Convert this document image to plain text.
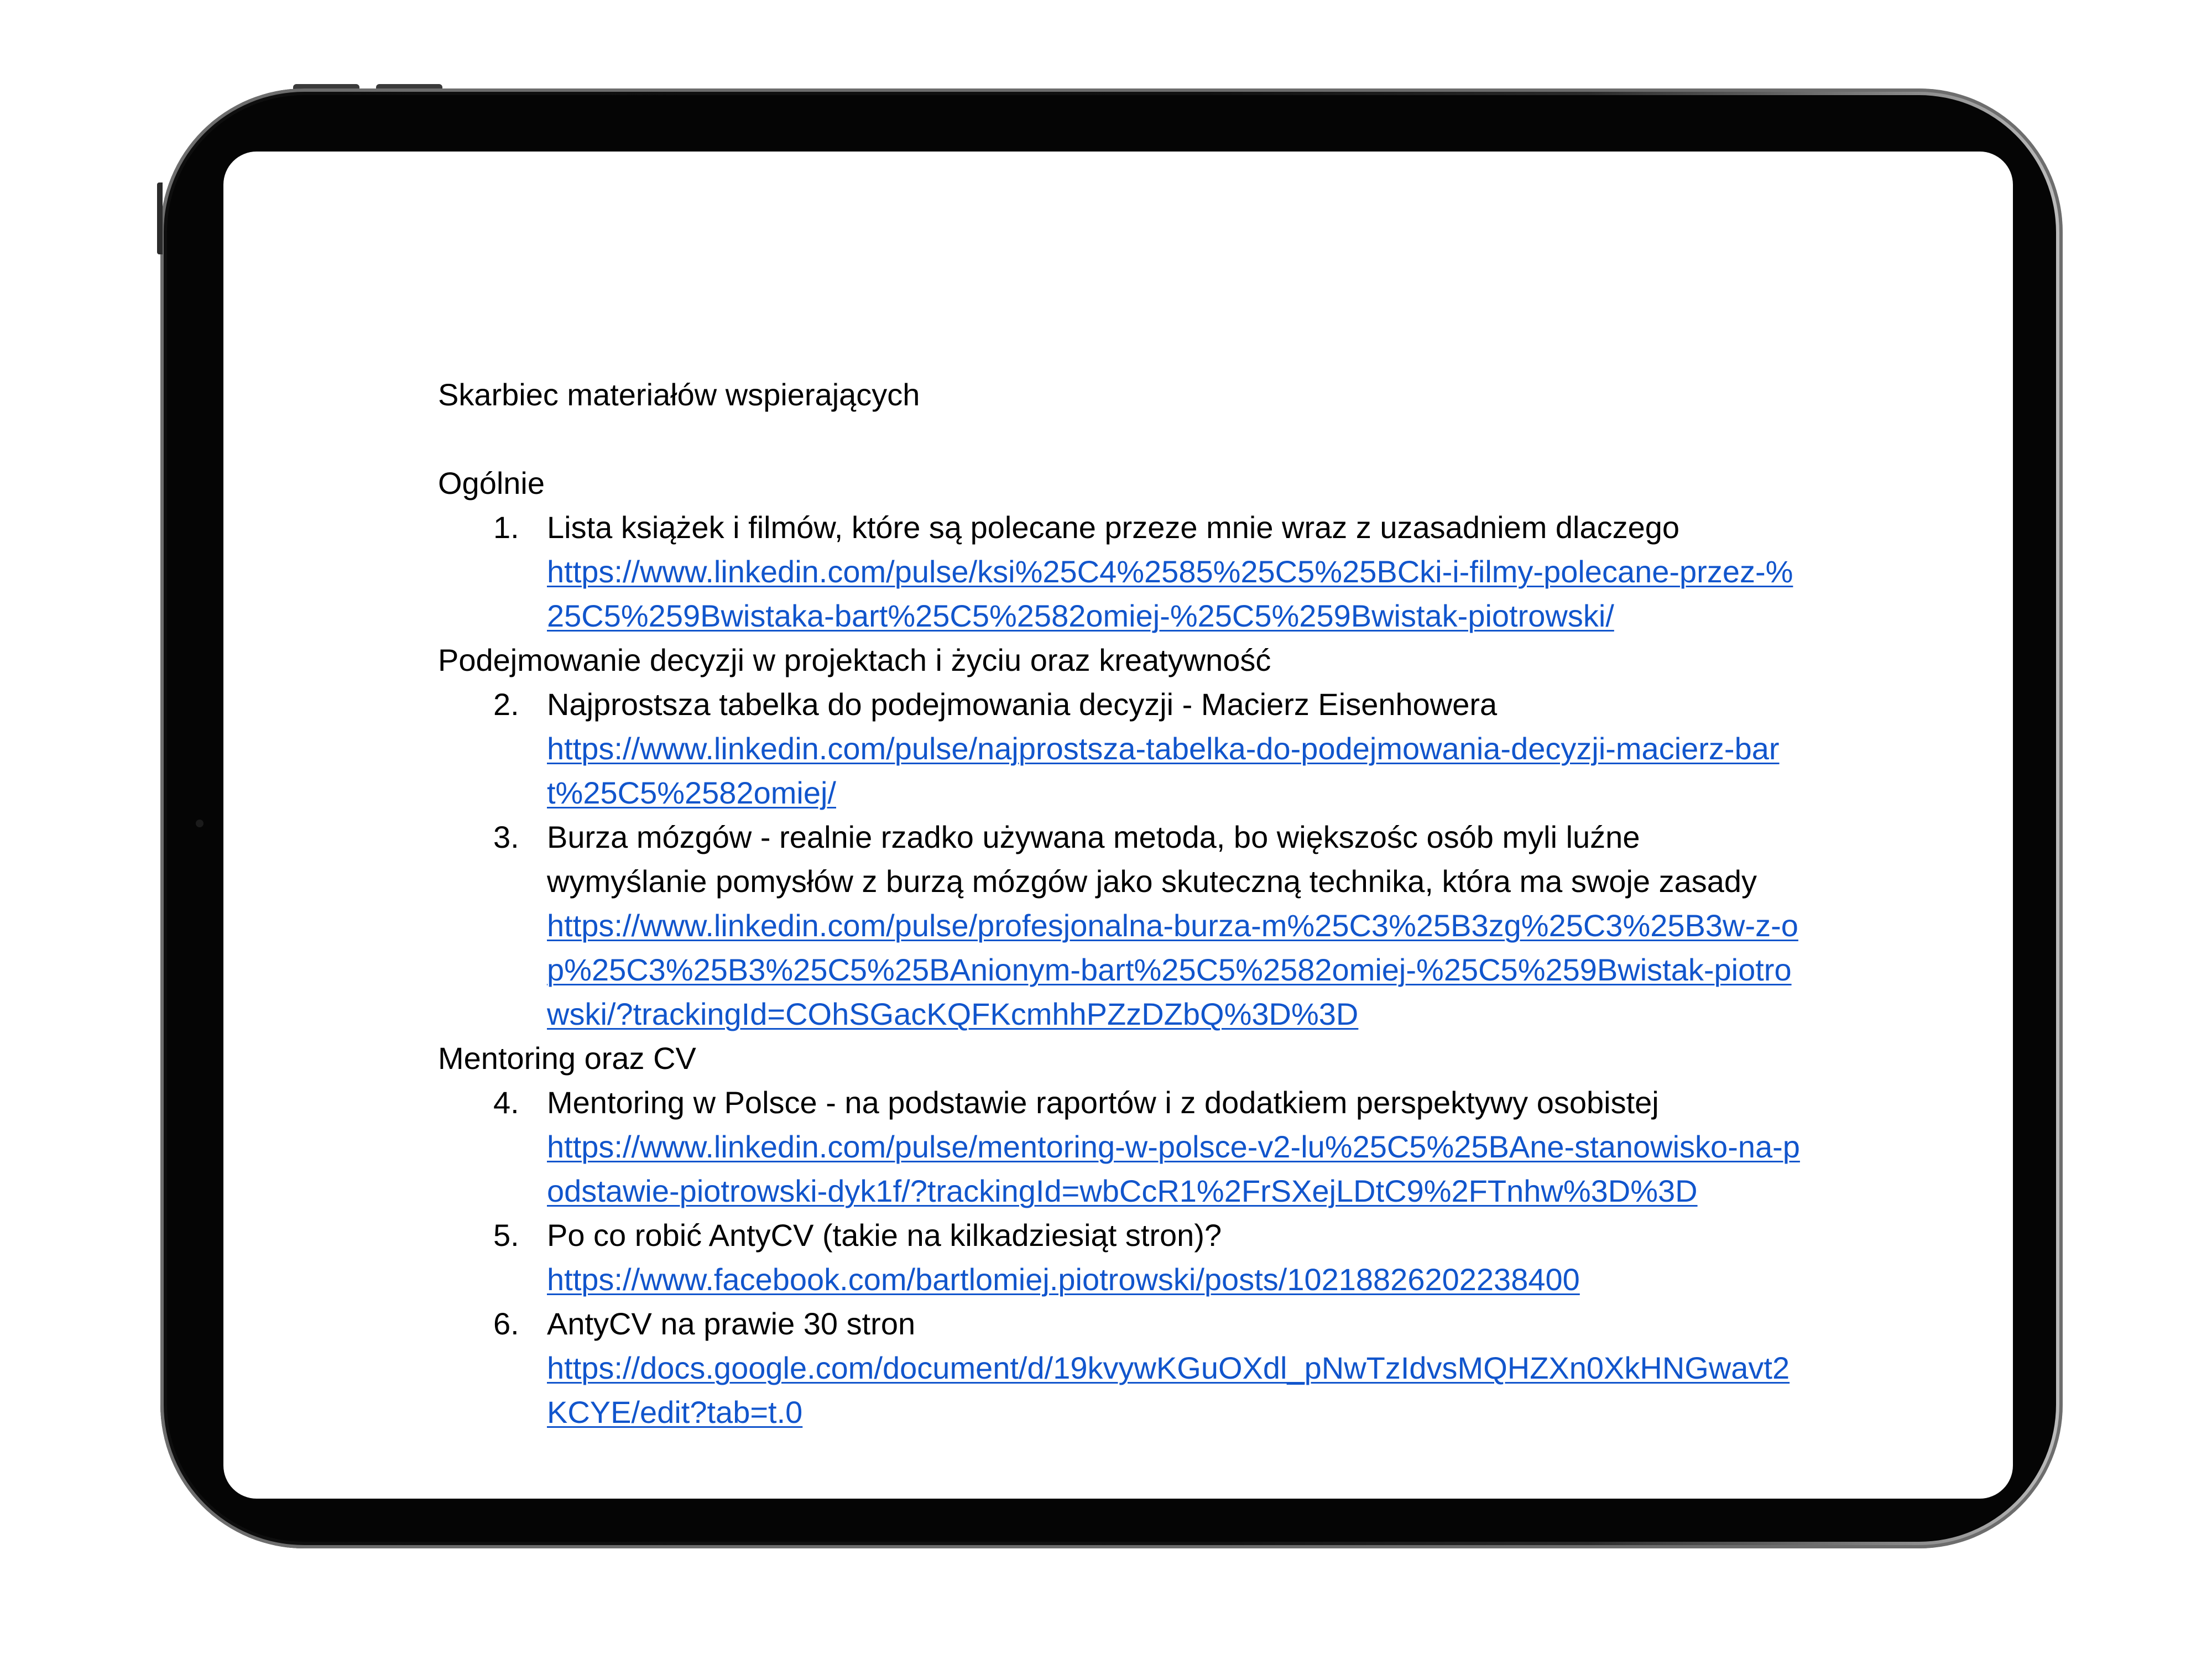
Skarbiec materiałów wspierających
Ogólnie
1. Lista książek i filmów, które są polecane przeze mnie wraz z uzasadniem dlaczego
https://www.linkedin.com/pulse/ksi%25C4%2585%25C5%25BCki-i-filmy-polecane-przez-%25C5%259Bwistaka-bart%25C5%2582omiej-%25C5%259Bwistak-piotrowski/
Podejmowanie decyzji w projektach i życiu oraz kreatywność
2. Najprostsza tabelka do podejmowania decyzji - Macierz Eisenhowera
https://www.linkedin.com/pulse/najprostsza-tabelka-do-podejmowania-decyzji-macierz-bart%25C5%2582omiej/
3. Burza mózgów - realnie rzadko używana metoda, bo większośc osób myli luźne wymyślanie pomysłów z burzą mózgów jako skuteczną technika, która ma swoje zasady
https://www.linkedin.com/pulse/profesjonalna-burza-m%25C3%25B3zg%25C3%25B3w-z-op%25C3%25B3%25C5%25BAnionym-bart%25C5%2582omiej-%25C5%259Bwistak-piotrowski/?trackingId=COhSGacKQFKcmhhPZzDZbQ%3D%3D
Mentoring oraz CV
4. Mentoring w Polsce - na podstawie raportów i z dodatkiem perspektywy osobistej
https://www.linkedin.com/pulse/mentoring-w-polsce-v2-lu%25C5%25BAne-stanowisko-na-podstawie-piotrowski-dyk1f/?trackingId=wbCcR1%2FrSXejLDtC9%2FTnhw%3D%3D
5. Po co robić AntyCV (takie na kilkadziesiąt stron)?
https://www.facebook.com/bartlomiej.piotrowski/posts/10218826202238400
6. AntyCV na prawie 30 stron
https://docs.google.com/document/d/19kvywKGuOXdl_pNwTzIdvsMQHZXn0XkHNGwavt2KCYE/edit?tab=t.0
